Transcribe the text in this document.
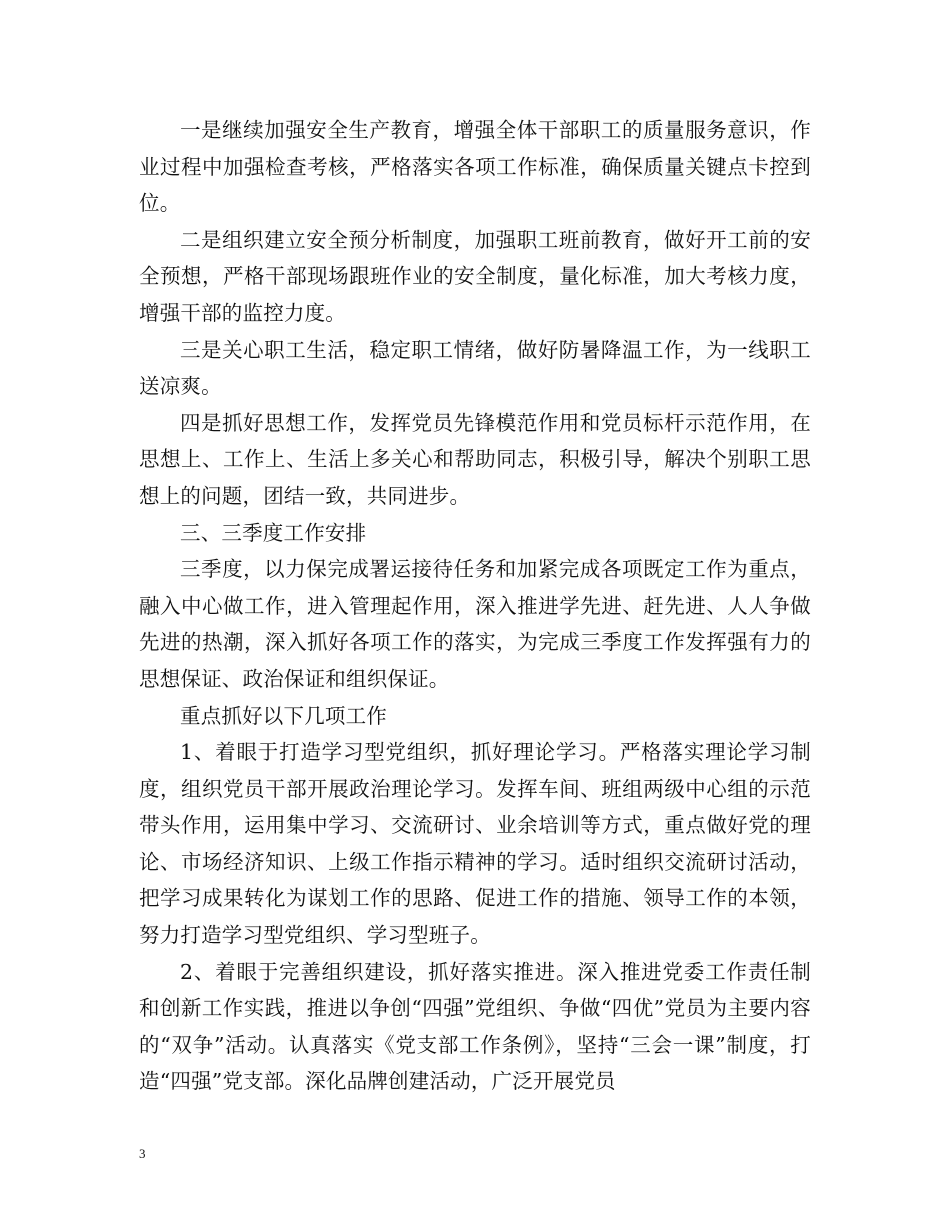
一是继续加强安全生产教育，增强全体干部职工的质量服务意识，作业过程中加强检查考核，严格落实各项工作标准，确保质量关键点卡控到位。

二是组织建立安全预分析制度，加强职工班前教育，做好开工前的安全预想，严格干部现场跟班作业的安全制度，量化标准，加大考核力度，增强干部的监控力度。

三是关心职工生活，稳定职工情绪，做好防暑降温工作，为一线职工送凉爽。

四是抓好思想工作，发挥党员先锋模范作用和党员标杆示范作用，在思想上、工作上、生活上多关心和帮助同志，积极引导，解决个别职工思想上的问题，团结一致，共同进步。

三、三季度工作安排

三季度，以力保完成署运接待任务和加紧完成各项既定工作为重点，融入中心做工作，进入管理起作用，深入推进学先进、赶先进、人人争做先进的热潮，深入抓好各项工作的落实，为完成三季度工作发挥强有力的思想保证、政治保证和组织保证。

重点抓好以下几项工作

1、着眼于打造学习型党组织，抓好理论学习。严格落实理论学习制度，组织党员干部开展政治理论学习。发挥车间、班组两级中心组的示范带头作用，运用集中学习、交流研讨、业余培训等方式，重点做好党的理论、市场经济知识、上级工作指示精神的学习。适时组织交流研讨活动，把学习成果转化为谋划工作的思路、促进工作的措施、领导工作的本领，努力打造学习型党组织、学习型班子。

2、着眼于完善组织建设，抓好落实推进。深入推进党委工作责任制和创新工作实践，推进以争创“四强”党组织、争做“四优”党员为主要内容的“双争”活动。认真落实《党支部工作条例》，坚持“三会一课”制度，打造“四强”党支部。深化品牌创建活动，广泛开展党员

3
